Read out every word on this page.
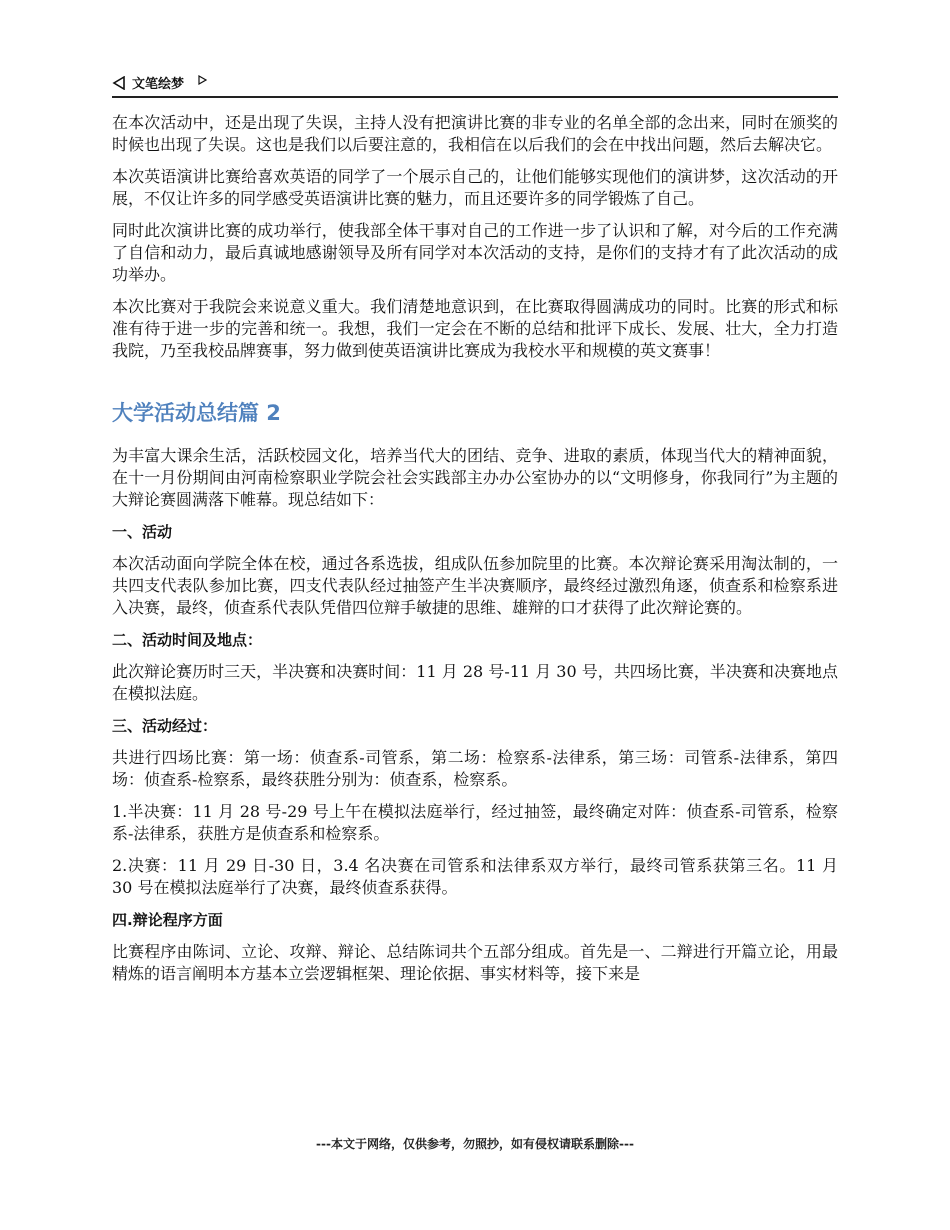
文笔绘梦

在本次活动中，还是出现了失误，主持人没有把演讲比赛的非专业的名单全部的念出来，同时在颁奖的时候也出现了失误。这也是我们以后要注意的，我相信在以后我们的会在中找出问题，然后去解决它。

本次英语演讲比赛给喜欢英语的同学了一个展示自己的，让他们能够实现他们的演讲梦，这次活动的开展，不仅让许多的同学感受英语演讲比赛的魅力，而且还要许多的同学锻炼了自己。

同时此次演讲比赛的成功举行，使我部全体干事对自己的工作进一步了认识和了解，对今后的工作充满了自信和动力，最后真诚地感谢领导及所有同学对本次活动的支持，是你们的支持才有了此次活动的成功举办。

本次比赛对于我院会来说意义重大。我们清楚地意识到，在比赛取得圆满成功的同时。比赛的形式和标准有待于进一步的完善和统一。我想，我们一定会在不断的总结和批评下成长、发展、壮大，全力打造我院，乃至我校品牌赛事，努力做到使英语演讲比赛成为我校水平和规模的英文赛事！

大学活动总结篇 2

为丰富大课余生活，活跃校园文化，培养当代大的团结、竞争、进取的素质，体现当代大的精神面貌，在十一月份期间由河南检察职业学院会社会实践部主办办公室协办的以“文明修身，你我同行”为主题的大辩论赛圆满落下帷幕。现总结如下：

一、活动

本次活动面向学院全体在校，通过各系选拔，组成队伍参加院里的比赛。本次辩论赛采用淘汰制的，一共四支代表队参加比赛，四支代表队经过抽签产生半决赛顺序，最终经过激烈角逐，侦查系和检察系进入决赛，最终，侦查系代表队凭借四位辩手敏捷的思维、雄辩的口才获得了此次辩论赛的。

二、活动时间及地点：

此次辩论赛历时三天，半决赛和决赛时间：11 月 28 号-11 月 30 号，共四场比赛，半决赛和决赛地点在模拟法庭。

三、活动经过：

共进行四场比赛：第一场：侦查系-司管系，第二场：检察系-法律系，第三场：司管系-法律系，第四场：侦查系-检察系，最终获胜分别为：侦查系，检察系。

1.半决赛：11 月 28 号-29 号上午在模拟法庭举行，经过抽签，最终确定对阵：侦查系-司管系，检察系-法律系，获胜方是侦查系和检察系。

2.决赛：11 月 29 日-30 日，3.4 名决赛在司管系和法律系双方举行，最终司管系获第三名。11 月 30 号在模拟法庭举行了决赛，最终侦查系获得。

四.辩论程序方面

比赛程序由陈词、立论、攻辩、辩论、总结陈词共个五部分组成。首先是一、二辩进行开篇立论，用最精炼的语言阐明本方基本立尝逻辑框架、理论依据、事实材料等，接下来是

---本文于网络，仅供参考，勿照抄，如有侵权请联系删除---
